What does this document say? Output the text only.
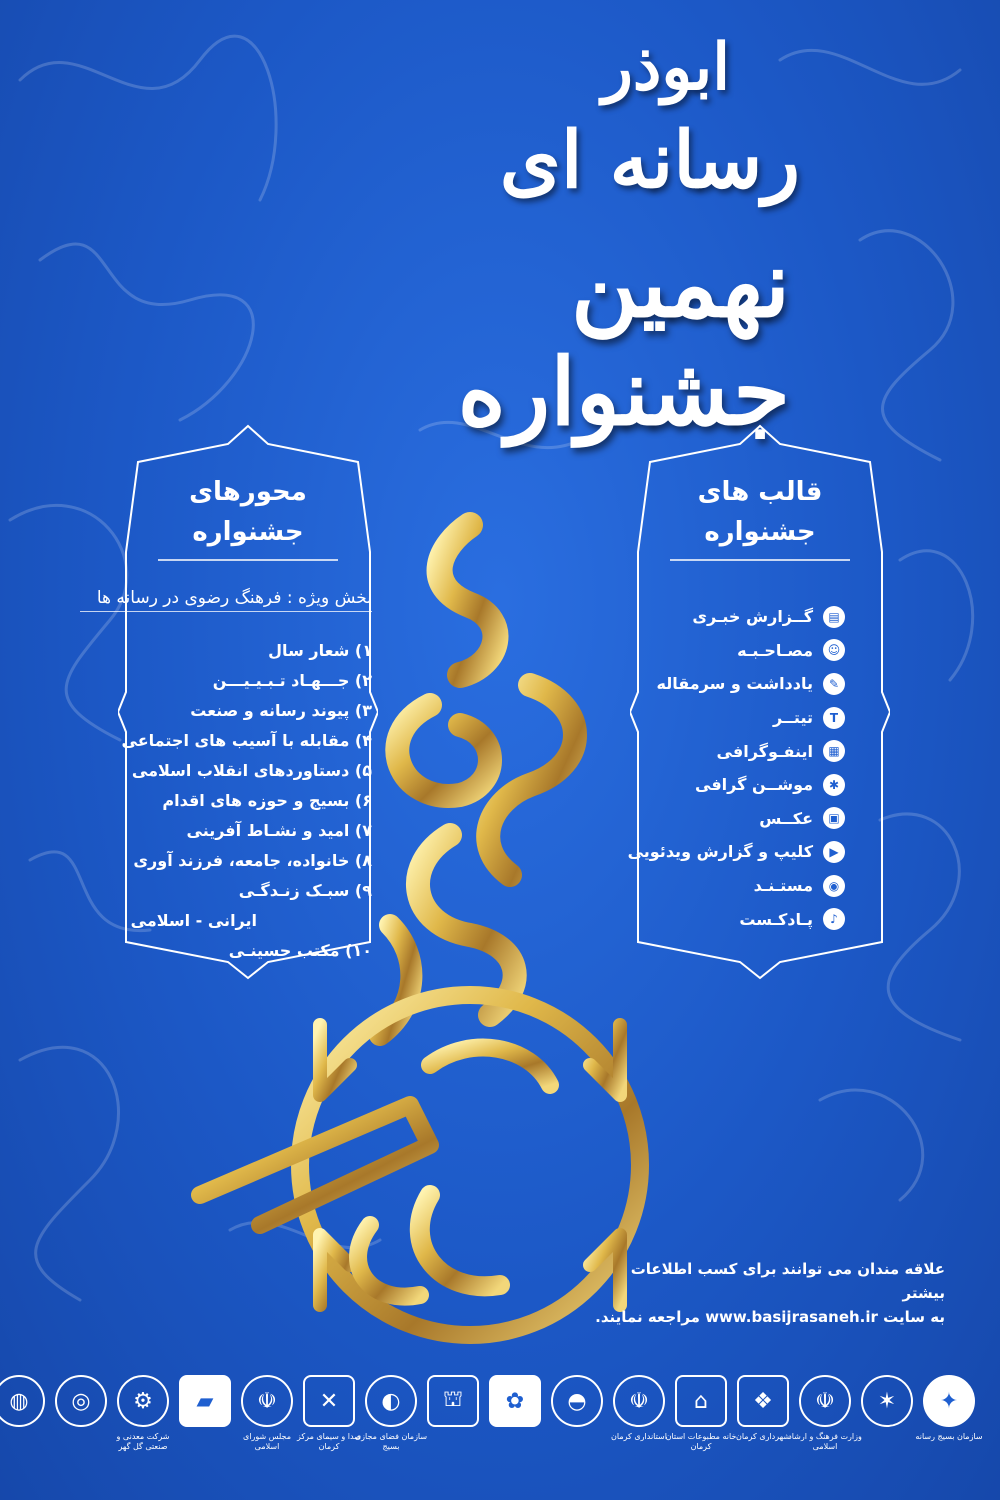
ابوذر
رسانه ای
نهمین جشنواره
محورهای
جشنواره
بخش ویژه : فرهنگ رضوی در رسانه ها
۱) شعار سال
۲) جـــهـاد تـبـیـیـــن
۳) پیوند رسانه و صنعت
۴) مقابله با آسیب های اجتماعی
۵) دستاوردهای انقلاب اسلامی
۶) بسیج و حوزه های اقدام
۷) امید و نشـاط آفرینی
۸) خانواده، جامعه، فرزند آوری
۹) سبـک زنـدگـی
ایرانی - اسلامی
۱۰) مکتب حسینـی
قالب های
جشنواره
▤
گــزارش خبـری
☺
مصـاحـبـه
✎
یادداشت و سرمقاله
T
تیتــر
▦
اینفـوگرافی
✱
موشــن گرافی
▣
عکــس
▶
کلیپ و گزارش ویدئویی
◉
مستـنـد
♪
پـادکـست
علاقه مندان می توانند برای کسب اطلاعات بیشتر
به سایت www.basijrasaneh.ir مراجعه نمایند.
✦
سازمان بسیج رسانه
✶
☫
وزارت فرهنگ و ارشاد اسلامی
❖
شهرداری کرمان
⌂
خانه مطبوعات استان کرمان
☫
استانداری کرمان
◓
✿
⛫
◐
سازمان فضای مجازی بسیج
✕
صدا و سیمای مرکز کرمان
☫
مجلس شورای اسلامی
▰
⚙
شرکت معدنی و صنعتی گل گهر
◎
◍
